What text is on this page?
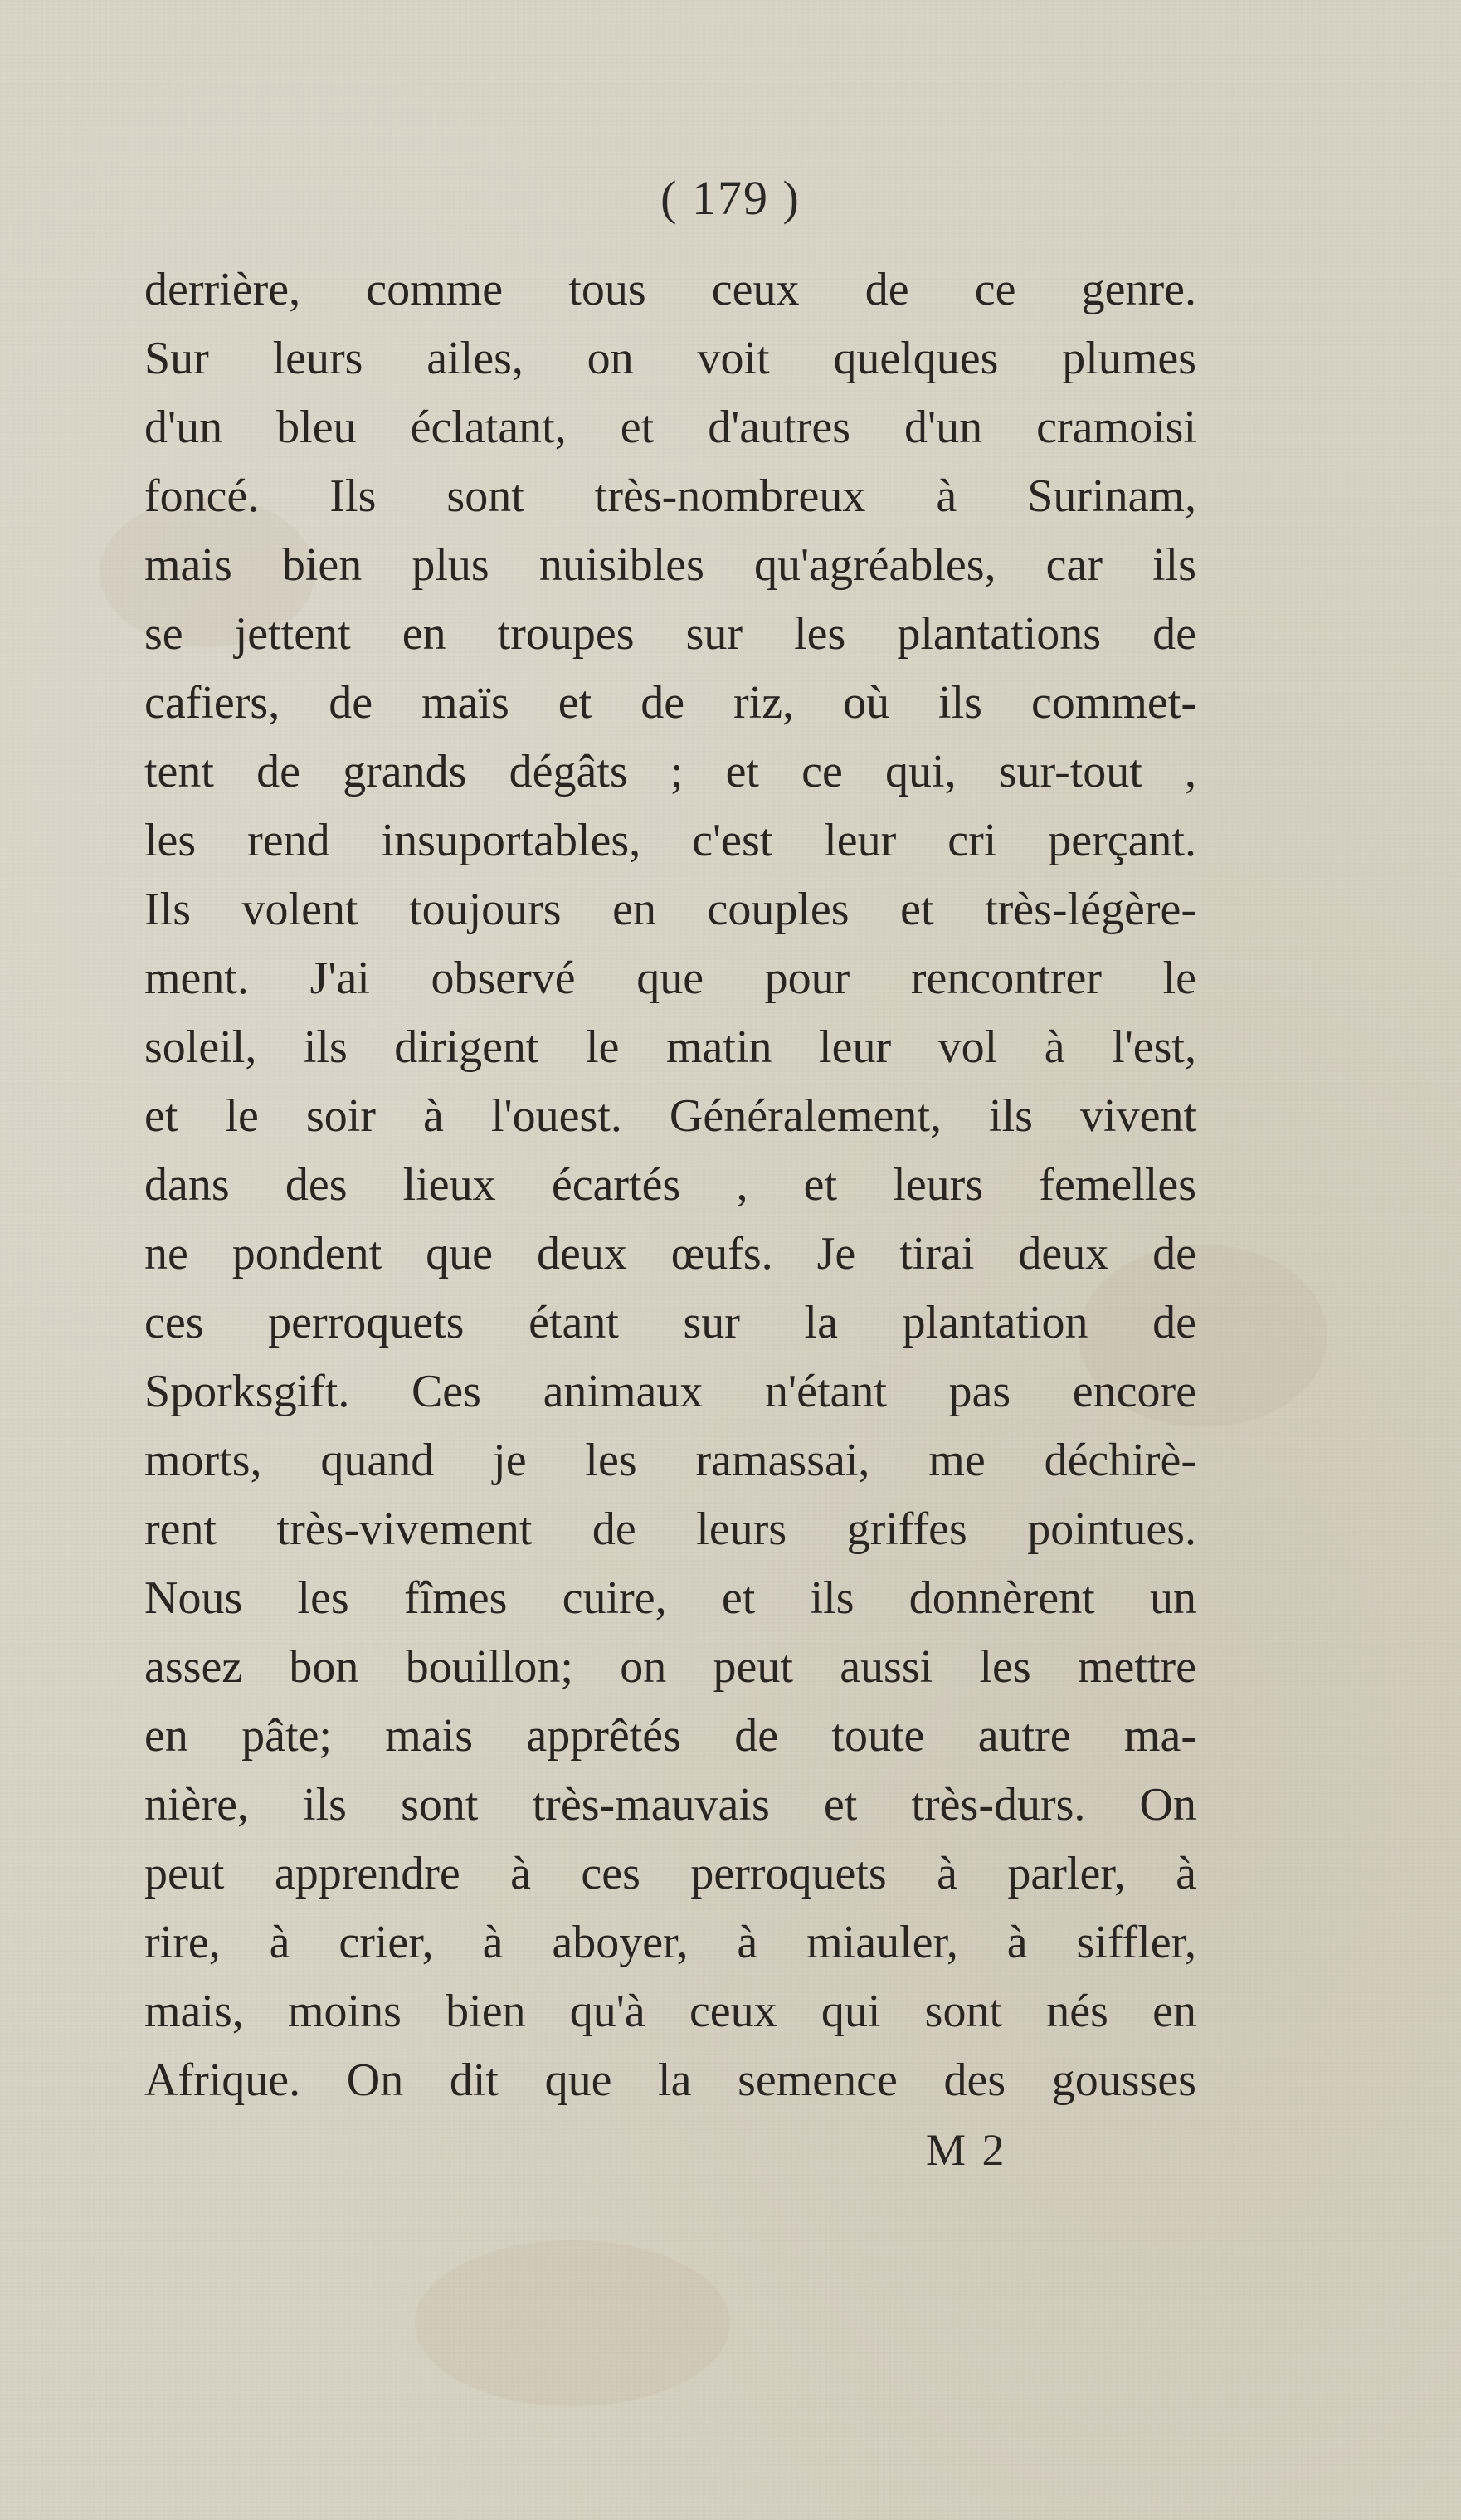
( 179 )
derrière, comme tous ceux de ce genre.
Sur leurs ailes, on voit quelques plumes
d'un bleu éclatant, et d'autres d'un cramoisi
foncé. Ils sont très-nombreux à Surinam,
mais bien plus nuisibles qu'agréables, car ils
se jettent en troupes sur les plantations de
cafiers, de maïs et de riz, où ils commet-
tent de grands dégâts ; et ce qui, sur-tout ,
les rend insuportables, c'est leur cri perçant.
Ils volent toujours en couples et très-légère-
ment. J'ai observé que pour rencontrer le
soleil, ils dirigent le matin leur vol à l'est,
et le soir à l'ouest. Généralement, ils vivent
dans des lieux écartés , et leurs femelles
ne pondent que deux œufs. Je tirai deux de
ces perroquets étant sur la plantation de
Sporksgift. Ces animaux n'étant pas encore
morts, quand je les ramassai, me déchirè-
rent très-vivement de leurs griffes pointues.
Nous les fîmes cuire, et ils donnèrent un
assez bon bouillon; on peut aussi les mettre
en pâte; mais apprêtés de toute autre ma-
nière, ils sont très-mauvais et très-durs. On
peut apprendre à ces perroquets à parler, à
rire, à crier, à aboyer, à miauler, à siffler,
mais, moins bien qu'à ceux qui sont nés en
Afrique. On dit que la semence des gousses
M 2
